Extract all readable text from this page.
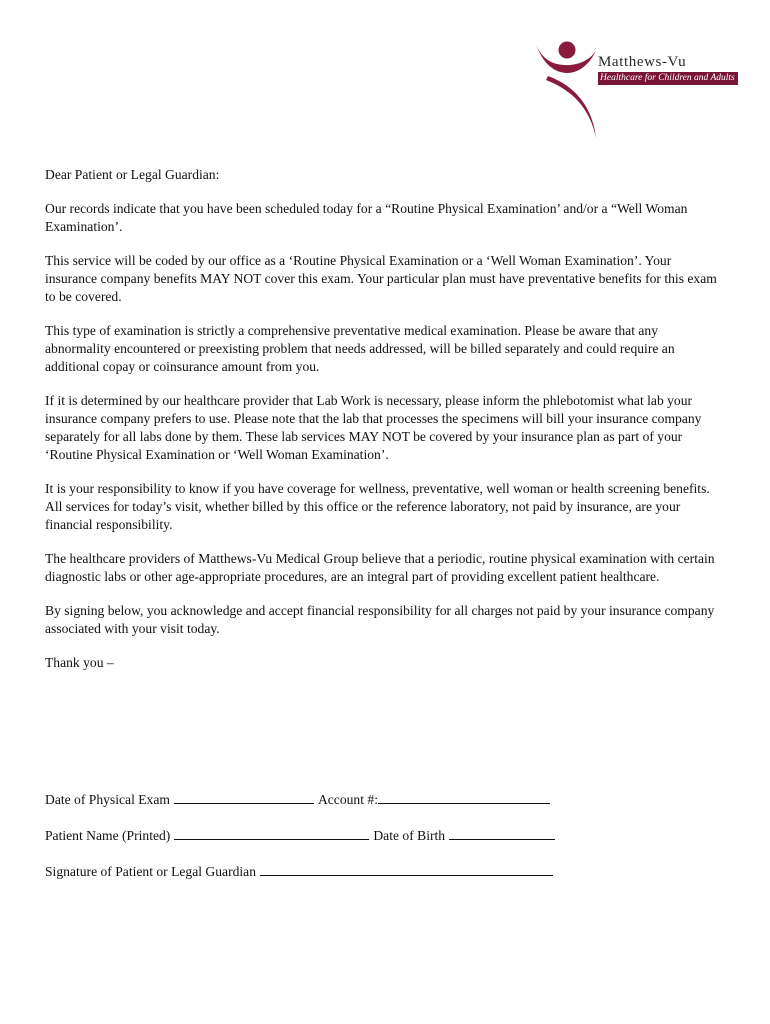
Matthews-Vu
Healthcare for Children and Adults

Dear Patient or Legal Guardian:

Our records indicate that you have been scheduled today for a “Routine Physical Examination’ and/or a “Well Woman Examination’.

This service will be coded by our office as a ‘Routine Physical Examination or a ‘Well Woman Examination’. Your insurance company benefits MAY NOT cover this exam. Your particular plan must have preventative benefits for this exam to be covered.

This type of examination is strictly a comprehensive preventative medical examination. Please be aware that any abnormality encountered or preexisting problem that needs addressed, will be billed separately and could require an additional copay or coinsurance amount from you.

If it is determined by our healthcare provider that Lab Work is necessary, please inform the phlebotomist what lab your insurance company prefers to use. Please note that the lab that processes the specimens will bill your insurance company separately for all labs done by them. These lab services MAY NOT be covered by your insurance plan as part of your ‘Routine Physical Examination or ‘Well Woman Examination’.

It is your responsibility to know if you have coverage for wellness, preventative, well woman or health screening benefits. All services for today’s visit, whether billed by this office or the reference laboratory, not paid by insurance, are your financial responsibility.

The healthcare providers of Matthews-Vu Medical Group believe that a periodic, routine physical examination with certain diagnostic labs or other age-appropriate procedures, are an integral part of providing excellent patient healthcare.

By signing below, you acknowledge and accept financial responsibility for all charges not paid by your insurance company associated with your visit today.

Thank you –

Date of Physical Exam	Account #:
Patient Name (Printed)	Date of Birth
Signature of Patient or Legal Guardian
